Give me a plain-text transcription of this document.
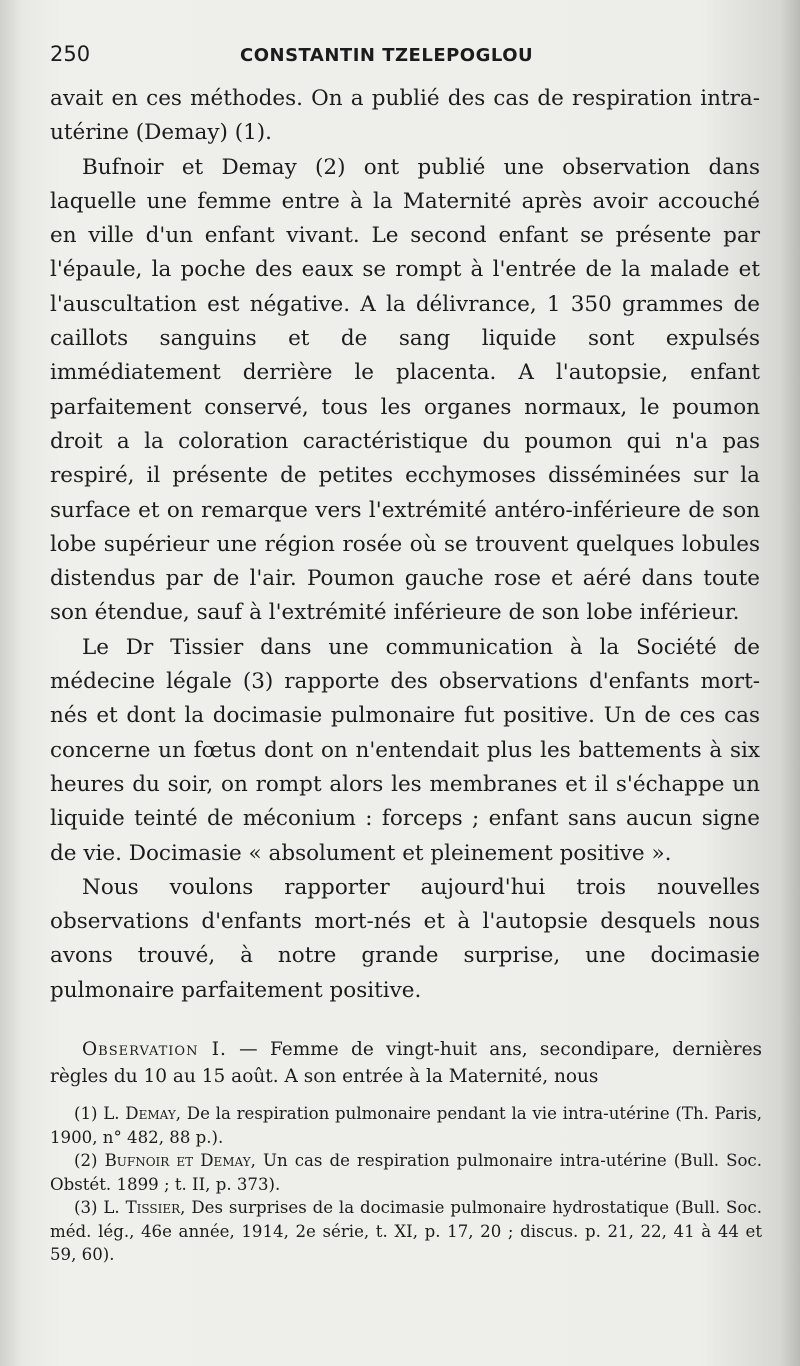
250	CONSTANTIN TZELEPOGLOU

avait en ces méthodes. On a publié des cas de respiration intra-utérine (Demay) (1).

Bufnoir et Demay (2) ont publié une observation dans laquelle une femme entre à la Maternité après avoir accouché en ville d'un enfant vivant. Le second enfant se présente par l'épaule, la poche des eaux se rompt à l'entrée de la malade et l'auscultation est négative. A la délivrance, 1 350 grammes de caillots sanguins et de sang liquide sont expulsés immédiatement derrière le placenta. A l'autopsie, enfant parfaitement conservé, tous les organes normaux, le poumon droit a la coloration caractéristique du poumon qui n'a pas respiré, il présente de petites ecchymoses disséminées sur la surface et on remarque vers l'extrémité antéro-inférieure de son lobe supérieur une région rosée où se trouvent quelques lobules distendus par de l'air. Poumon gauche rose et aéré dans toute son étendue, sauf à l'extrémité inférieure de son lobe inférieur.

Le Dr Tissier dans une communication à la Société de médecine légale (3) rapporte des observations d'enfants mort-nés et dont la docimasie pulmonaire fut positive. Un de ces cas concerne un fœtus dont on n'entendait plus les battements à six heures du soir, on rompt alors les membranes et il s'échappe un liquide teinté de méconium : forceps ; enfant sans aucun signe de vie. Docimasie « absolument et pleinement positive ».

Nous voulons rapporter aujourd'hui trois nouvelles observations d'enfants mort-nés et à l'autopsie desquels nous avons trouvé, à notre grande surprise, une docimasie pulmonaire parfaitement positive.

Observation I. — Femme de vingt-huit ans, secondipare, dernières règles du 10 au 15 août. A son entrée à la Maternité, nous

(1) L. Demay, De la respiration pulmonaire pendant la vie intra-utérine (Th. Paris, 1900, n° 482, 88 p.).

(2) Bufnoir et Demay, Un cas de respiration pulmonaire intra-utérine (Bull. Soc. Obstét. 1899 ; t. II, p. 373).

(3) L. Tissier, Des surprises de la docimasie pulmonaire hydrostatique (Bull. Soc. méd. lég., 46e année, 1914, 2e série, t. XI, p. 17, 20 ; discus. p. 21, 22, 41 à 44 et 59, 60).
